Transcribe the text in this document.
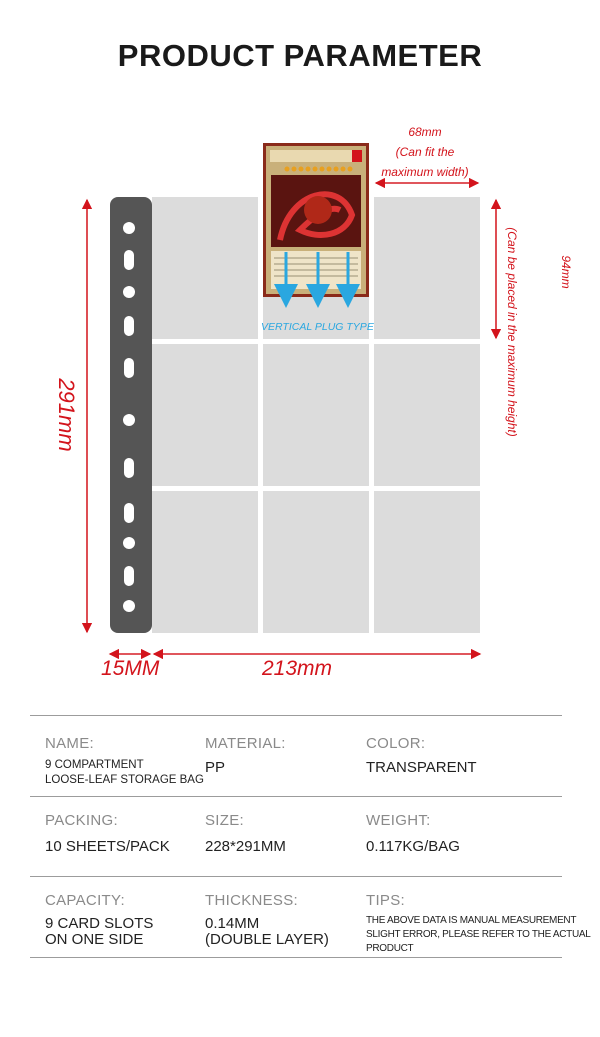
PRODUCT PARAMETER
68mm
(Can fit the
maximum width)
94mm
(Can be placed in the maximum height)
291mm
15MM	213mm
VERTICAL PLUG TYPE
NAME:
9 COMPARTMENT
LOOSE-LEAF STORAGE BAG
MATERIAL:
PP
COLOR:
TRANSPARENT
PACKING:
10 SHEETS/PACK
SIZE:
228*291MM
WEIGHT:
0.117KG/BAG
CAPACITY:
9 CARD SLOTS
ON ONE SIDE
THICKNESS:
0.14MM
(DOUBLE LAYER)
TIPS:
THE ABOVE DATA IS MANUAL MEASUREMENT
SLIGHT ERROR, PLEASE REFER TO THE ACTUAL
PRODUCT
